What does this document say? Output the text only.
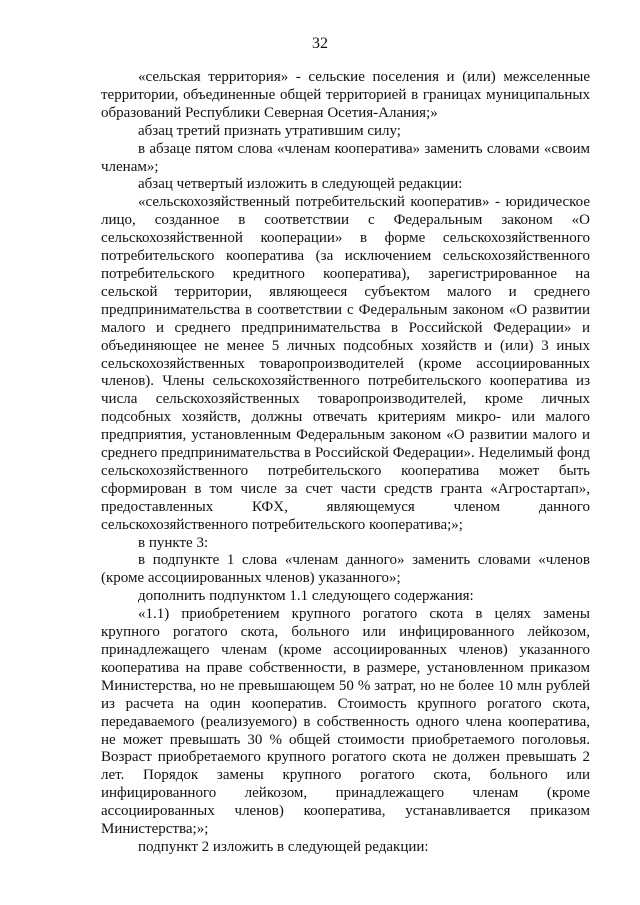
32

«сельская территория» - сельские поселения и (или) межселенные территории, объединенные общей территорией в границах муниципальных образований Республики Северная Осетия-Алания;»

абзац третий признать утратившим силу;

в абзаце пятом слова «членам кооператива» заменить словами «своим членам»;

абзац четвертый изложить в следующей редакции:

«сельскохозяйственный потребительский кооператив» - юридическое лицо, созданное в соответствии с Федеральным законом «О сельскохозяйственной кооперации» в форме сельскохозяйственного потребительского кооператива (за исключением сельскохозяйственного потребительского кредитного кооператива), зарегистрированное на сельской территории, являющееся субъектом малого и среднего предпринимательства в соответствии с Федеральным законом «О развитии малого и среднего предпринимательства в Российской Федерации» и объединяющее не менее 5 личных подсобных хозяйств и (или) 3 иных сельскохозяйственных товаропроизводителей (кроме ассоциированных членов). Члены сельскохозяйственного потребительского кооператива из числа сельскохозяйственных товаропроизводителей, кроме личных подсобных хозяйств, должны отвечать критериям микро- или малого предприятия, установленным Федеральным законом «О развитии малого и среднего предпринимательства в Российской Федерации». Неделимый фонд сельскохозяйственного потребительского кооператива может быть сформирован в том числе за счет части средств гранта «Агростартап», предоставленных КФХ, являющемуся членом данного сельскохозяйственного потребительского кооператива;»;

в пункте 3:

в подпункте 1 слова «членам данного» заменить словами «членов (кроме ассоциированных членов) указанного»;

дополнить подпунктом 1.1 следующего содержания:

«1.1) приобретением крупного рогатого скота в целях замены крупного рогатого скота, больного или инфицированного лейкозом, принадлежащего членам (кроме ассоциированных членов) указанного кооператива на праве собственности, в размере, установленном приказом Министерства, но не превышающем 50 % затрат, но не более 10 млн рублей из расчета на один кооператив. Стоимость крупного рогатого скота, передаваемого (реализуемого) в собственность одного члена кооператива, не может превышать 30 % общей стоимости приобретаемого поголовья. Возраст приобретаемого крупного рогатого скота не должен превышать 2 лет. Порядок замены крупного рогатого скота, больного или инфицированного лейкозом, принадлежащего членам (кроме ассоциированных членов) кооператива, устанавливается приказом Министерства;»;

подпункт 2 изложить в следующей редакции:
